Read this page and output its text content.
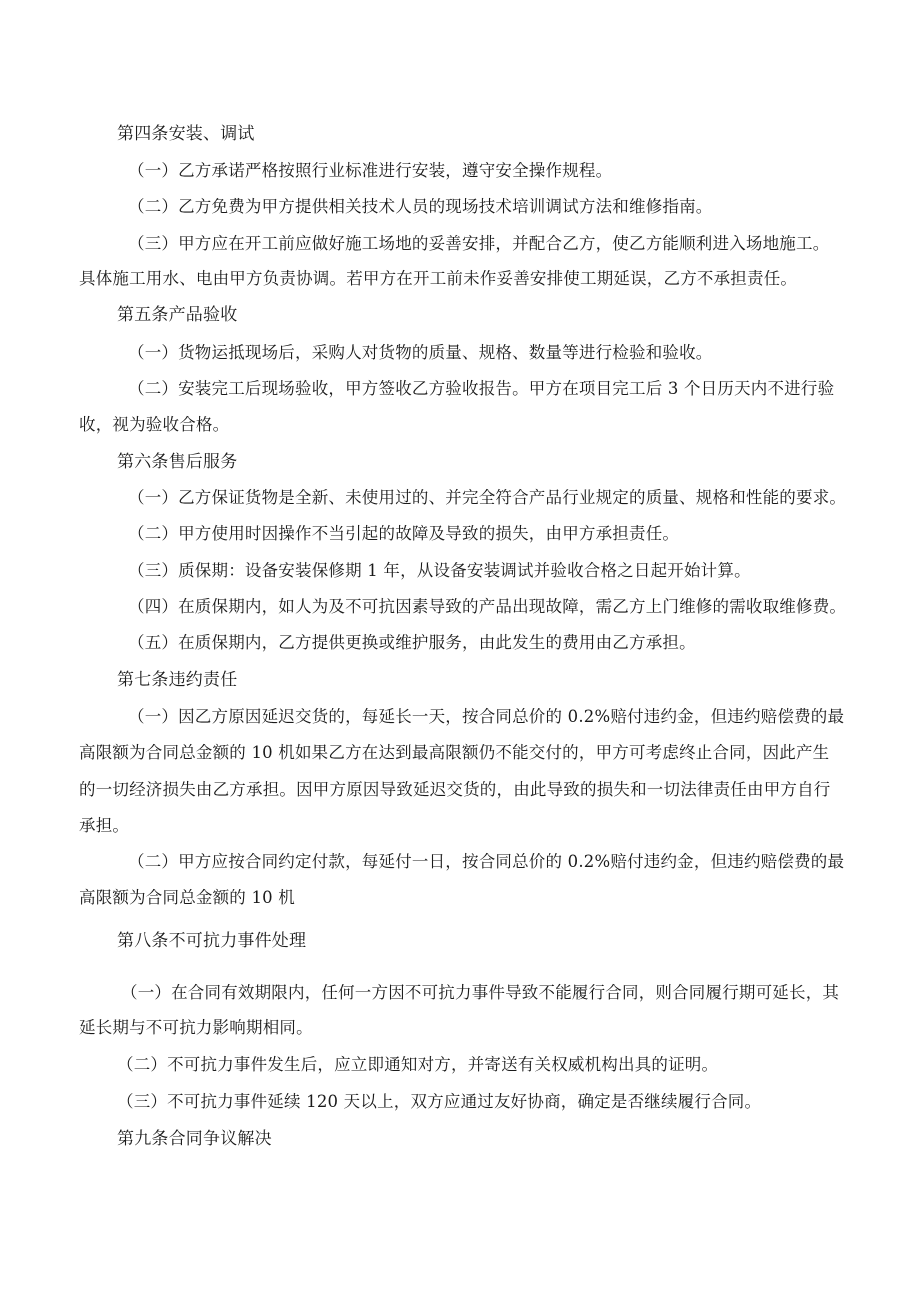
第四条安装、调试
（一）乙方承诺严格按照行业标准进行安装，遵守安全操作规程。
（二）乙方免费为甲方提供相关技术人员的现场技术培训调试方法和维修指南。
（三）甲方应在开工前应做好施工场地的妥善安排，并配合乙方，使乙方能顺利进入场地施工。
具体施工用水、电由甲方负责协调。若甲方在开工前未作妥善安排使工期延误，乙方不承担责任。
第五条产品验收
（一）货物运抵现场后，采购人对货物的质量、规格、数量等进行检验和验收。
（二）安装完工后现场验收，甲方签收乙方验收报告。甲方在项目完工后 3 个日历天内不进行验
收，视为验收合格。
第六条售后服务
（一）乙方保证货物是全新、未使用过的、并完全符合产品行业规定的质量、规格和性能的要求。
（二）甲方使用时因操作不当引起的故障及导致的损失，由甲方承担责任。
（三）质保期：设备安装保修期 1 年，从设备安装调试并验收合格之日起开始计算。
（四）在质保期内，如人为及不可抗因素导致的产品出现故障，需乙方上门维修的需收取维修费。
（五）在质保期内，乙方提供更换或维护服务，由此发生的费用由乙方承担。
第七条违约责任
（一）因乙方原因延迟交货的，每延长一天，按合同总价的 0.2%赔付违约金，但违约赔偿费的最
高限额为合同总金额的 10 机如果乙方在达到最高限额仍不能交付的，甲方可考虑终止合同，因此产生
的一切经济损失由乙方承担。因甲方原因导致延迟交货的，由此导致的损失和一切法律责任由甲方自行
承担。
（二）甲方应按合同约定付款，每延付一日，按合同总价的 0.2%赔付违约金，但违约赔偿费的最
高限额为合同总金额的 10 机
第八条不可抗力事件处理
（一）在合同有效期限内，任何一方因不可抗力事件导致不能履行合同，则合同履行期可延长，其
延长期与不可抗力影响期相同。
（二）不可抗力事件发生后，应立即通知对方，并寄送有关权威机构出具的证明。
（三）不可抗力事件延续 120 天以上，双方应通过友好协商，确定是否继续履行合同。
第九条合同争议解决
